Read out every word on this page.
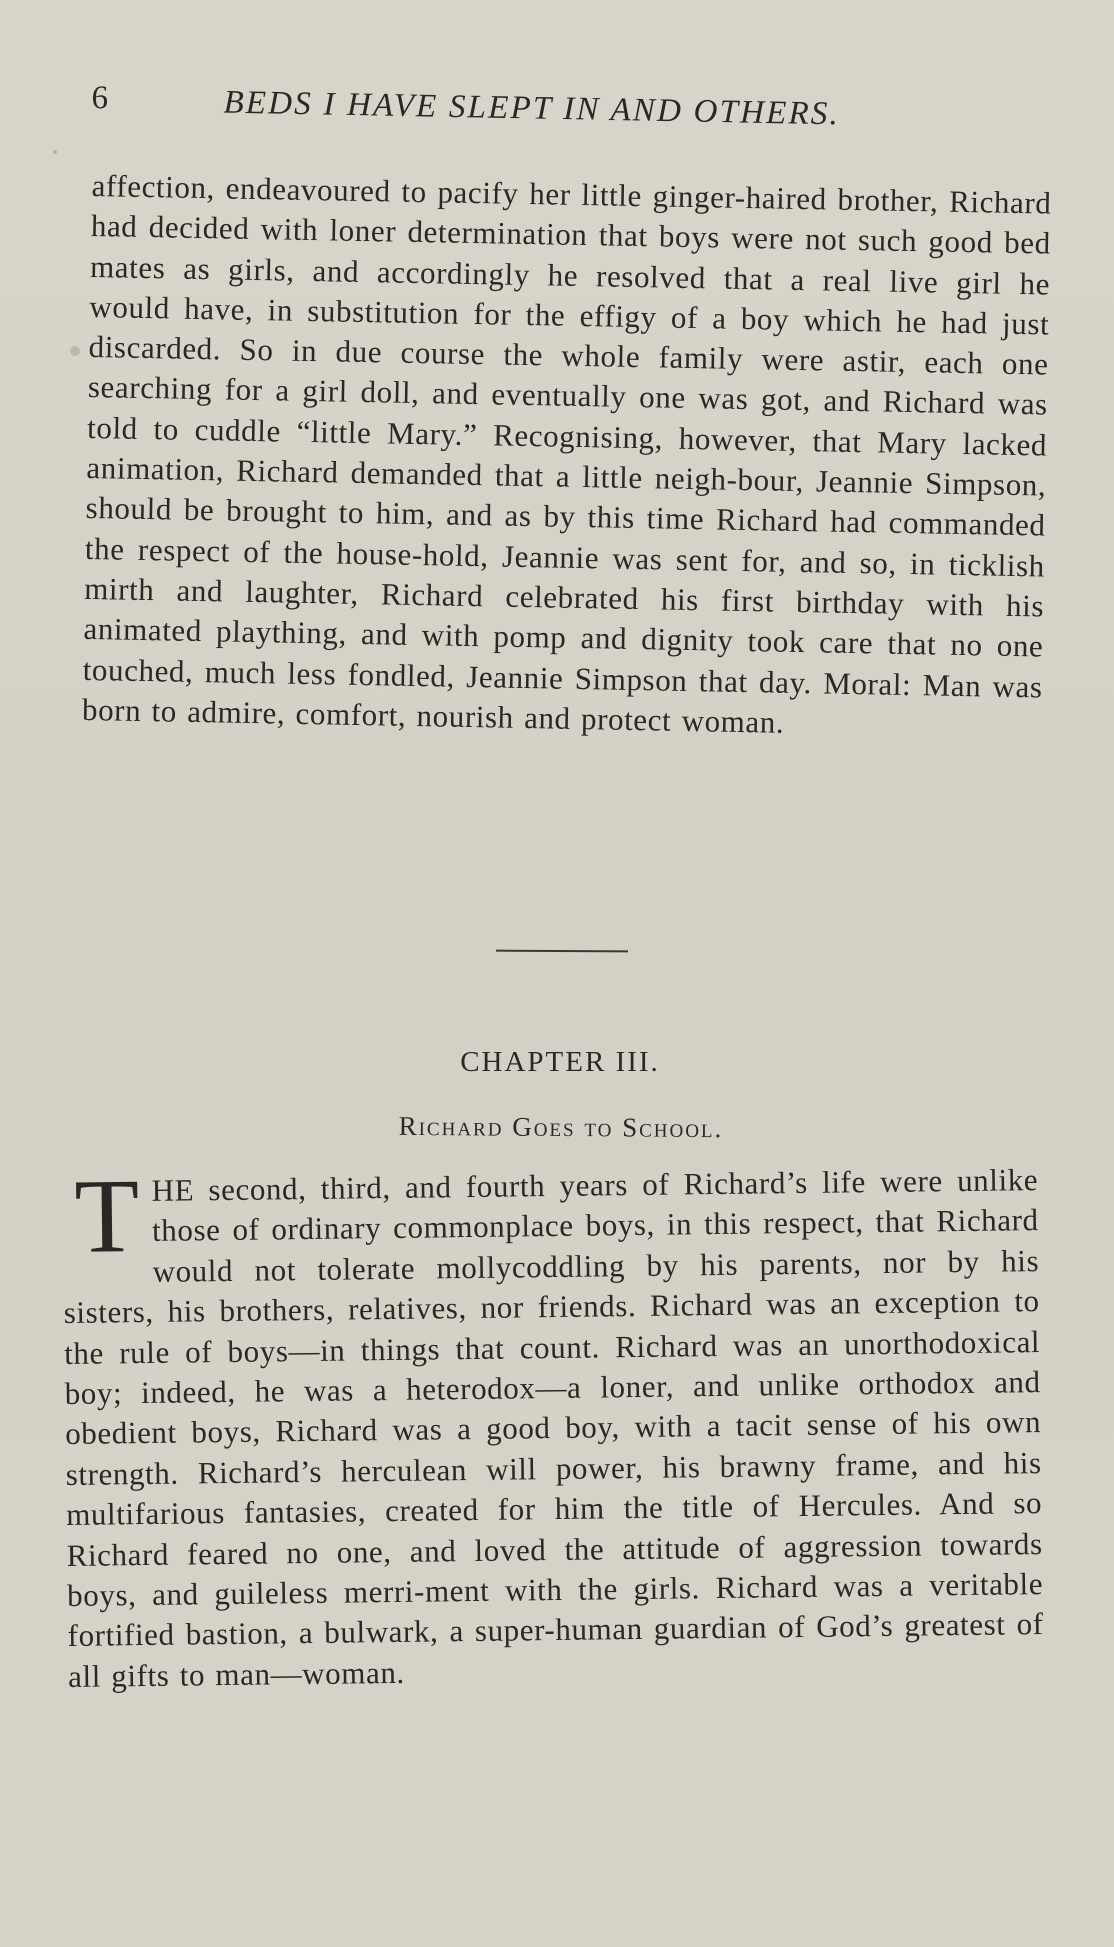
6	BEDS I HAVE SLEPT IN AND OTHERS.
affection, endeavoured to pacify her little ginger-haired brother, Richard had decided with loner determination that boys were not such good bed mates as girls, and accordingly he resolved that a real live girl he would have, in substitution for the effigy of a boy which he had just discarded. So in due course the whole family were astir, each one searching for a girl doll, and eventually one was got, and Richard was told to cuddle “little Mary.” Recognising, however, that Mary lacked animation, Richard demanded that a little neigh-bour, Jeannie Simpson, should be brought to him, and as by this time Richard had commanded the respect of the house-hold, Jeannie was sent for, and so, in ticklish mirth and laughter, Richard celebrated his first birthday with his animated plaything, and with pomp and dignity took care that no one touched, much less fondled, Jeannie Simpson that day. Moral: Man was born to admire, comfort, nourish and protect woman.
CHAPTER III.
Richard Goes to School.
T HE second, third, and fourth years of Richard’s life were unlike those of ordinary commonplace boys, in this respect, that Richard would not tolerate mollycoddling by his parents, nor by his sisters, his brothers, relatives, nor friends. Richard was an exception to the rule of boys—in things that count. Richard was an unorthodoxical boy; indeed, he was a heterodox—a loner, and unlike orthodox and obedient boys, Richard was a good boy, with a tacit sense of his own strength. Richard’s herculean will power, his brawny frame, and his multifarious fantasies, created for him the title of Hercules. And so Richard feared no one, and loved the attitude of aggression towards boys, and guileless merri-ment with the girls. Richard was a veritable fortified bastion, a bulwark, a super-human guardian of God’s greatest of all gifts to man—woman.
